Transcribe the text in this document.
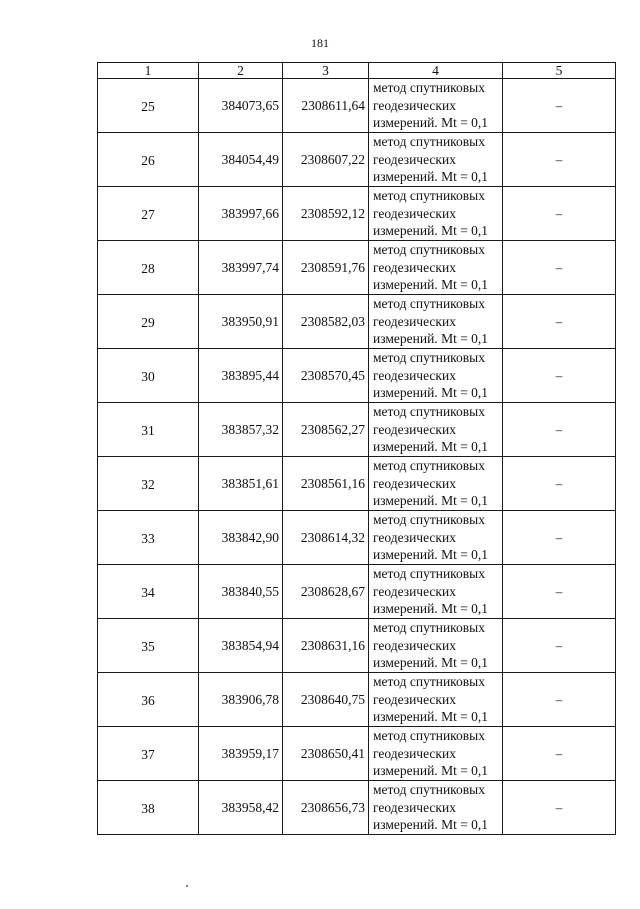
181
1	2	3	4	5
25	384073,65	2308611,64	метод спутниковых
геодезических
измерений. Mt = 0,1	–
26	384054,49	2308607,22	метод спутниковых
геодезических
измерений. Mt = 0,1	–
27	383997,66	2308592,12	метод спутниковых
геодезических
измерений. Mt = 0,1	–
28	383997,74	2308591,76	метод спутниковых
геодезических
измерений. Mt = 0,1	–
29	383950,91	2308582,03	метод спутниковых
геодезических
измерений. Mt = 0,1	–
30	383895,44	2308570,45	метод спутниковых
геодезических
измерений. Mt = 0,1	–
31	383857,32	2308562,27	метод спутниковых
геодезических
измерений. Mt = 0,1	–
32	383851,61	2308561,16	метод спутниковых
геодезических
измерений. Mt = 0,1	–
33	383842,90	2308614,32	метод спутниковых
геодезических
измерений. Mt = 0,1	–
34	383840,55	2308628,67	метод спутниковых
геодезических
измерений. Mt = 0,1	–
35	383854,94	2308631,16	метод спутниковых
геодезических
измерений. Mt = 0,1	–
36	383906,78	2308640,75	метод спутниковых
геодезических
измерений. Mt = 0,1	–
37	383959,17	2308650,41	метод спутниковых
геодезических
измерений. Mt = 0,1	–
38	383958,42	2308656,73	метод спутниковых
геодезических
измерений. Mt = 0,1	–
